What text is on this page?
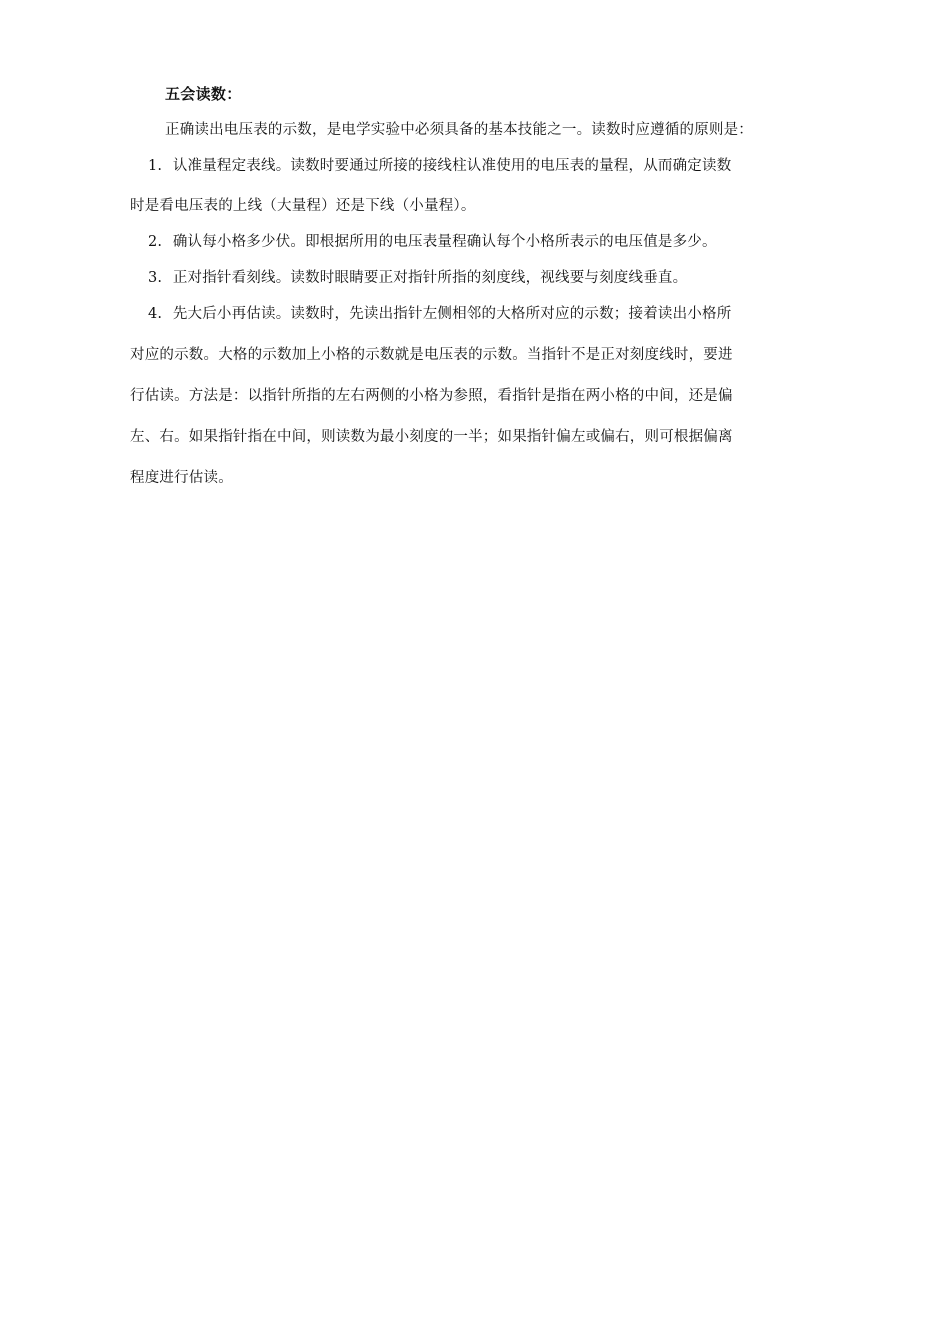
五会读数：
正确读出电压表的示数，是电学实验中必须具备的基本技能之一。读数时应遵循的原则是：
1. 认准量程定表线。读数时要通过所接的接线柱认准使用的电压表的量程，从而确定读数
时是看电压表的上线（大量程）还是下线（小量程）。
2. 确认每小格多少伏。即根据所用的电压表量程确认每个小格所表示的电压值是多少。
3. 正对指针看刻线。读数时眼睛要正对指针所指的刻度线，视线要与刻度线垂直。
4. 先大后小再估读。读数时，先读出指针左侧相邻的大格所对应的示数；接着读出小格所
对应的示数。大格的示数加上小格的示数就是电压表的示数。当指针不是正对刻度线时，要进
行估读。方法是：以指针所指的左右两侧的小格为参照，看指针是指在两小格的中间，还是偏
左、右。如果指针指在中间，则读数为最小刻度的一半；如果指针偏左或偏右，则可根据偏离
程度进行估读。
